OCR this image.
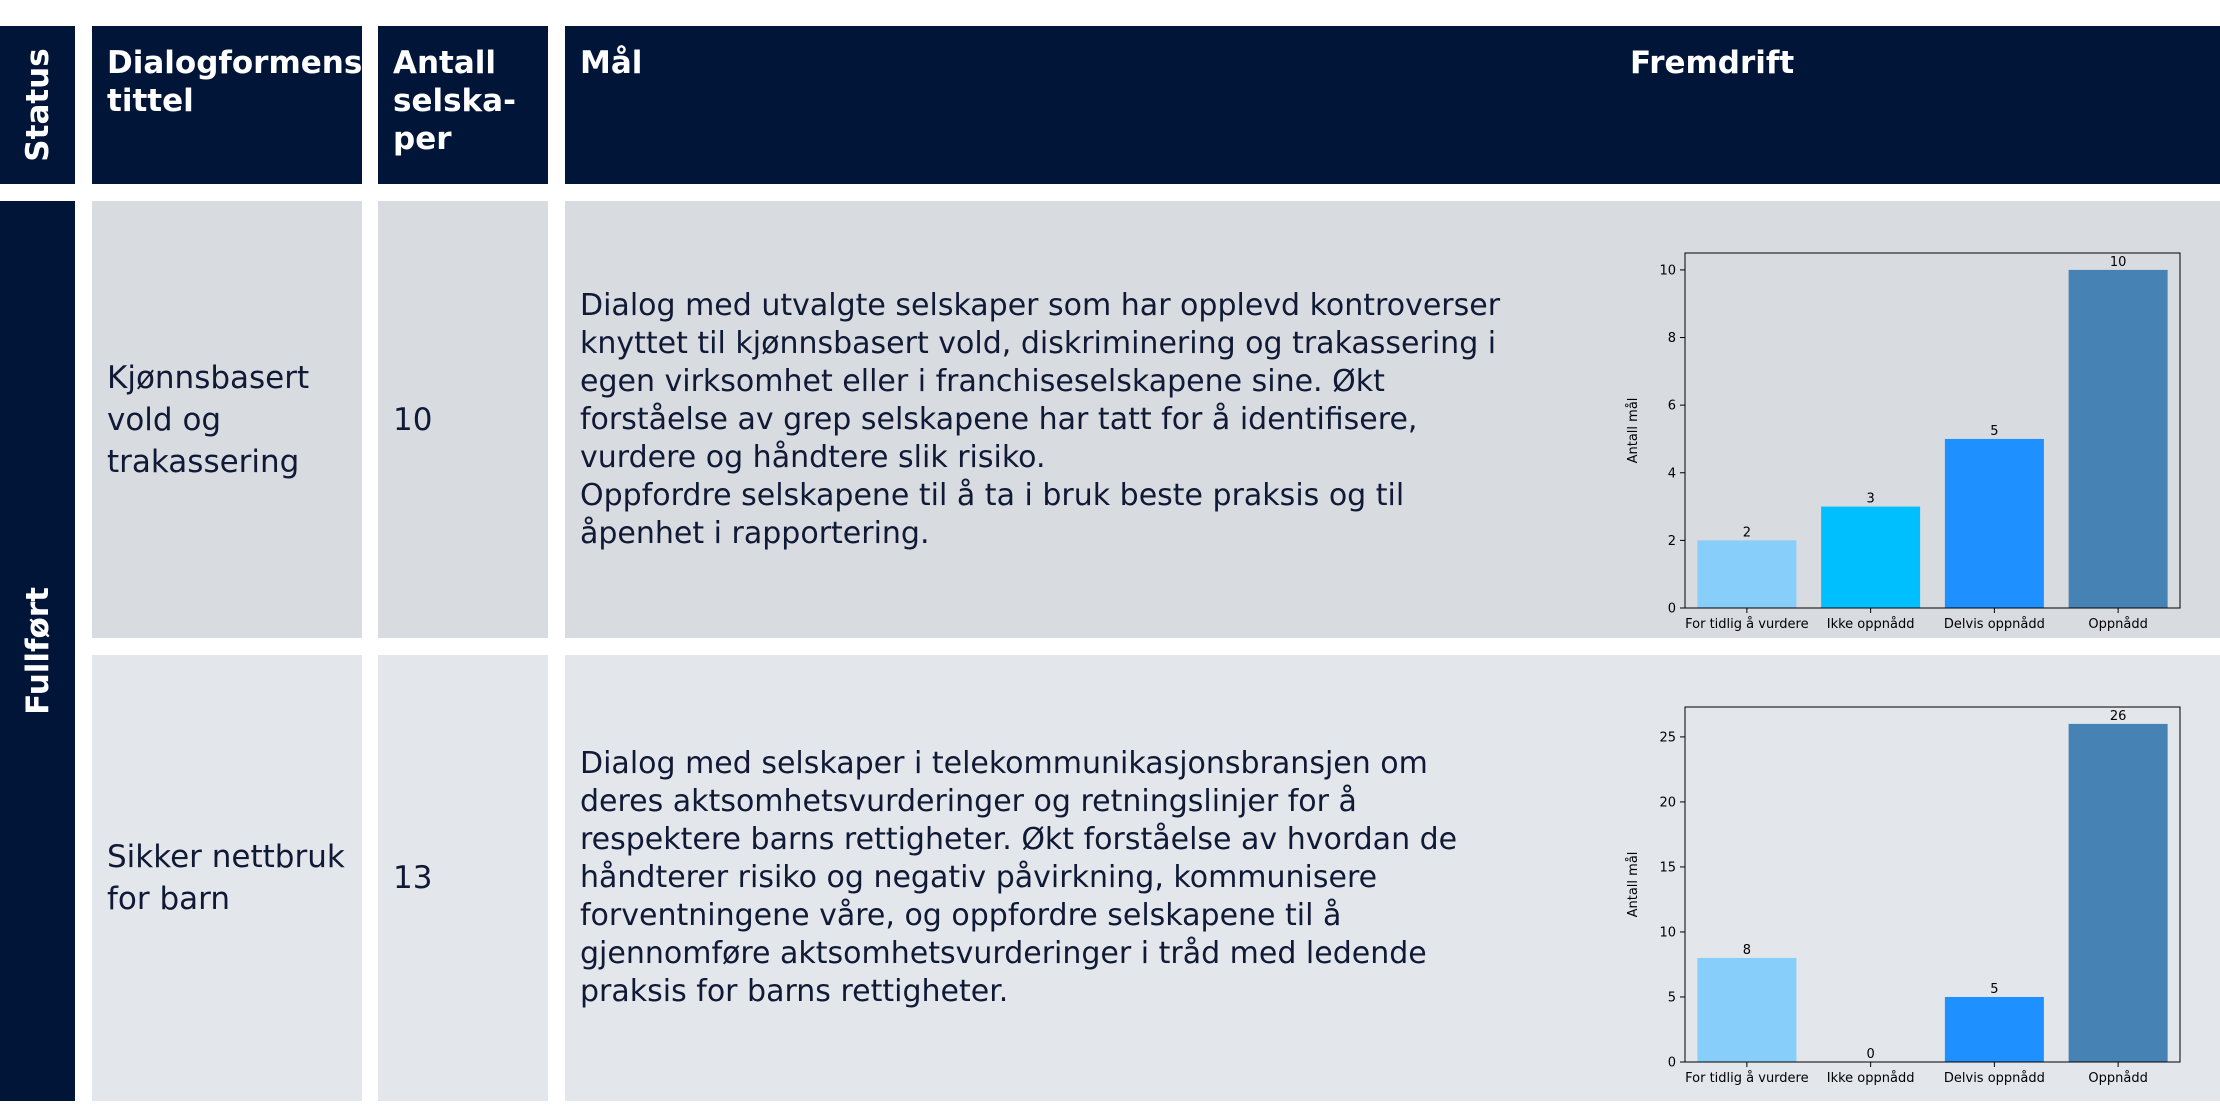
Status Dialogformens tittel
Antall selska-per
Mål	Fremdrift
Fullført
Kjønnsbasert vold og trakassering
10

Dialog med utvalgte selskaper som har opplevd kontroverser knyttet til kjønnsbasert vold, diskriminering og trakassering i egen virksomhet eller i franchiseselskapene sine. Økt forståelse av grep selskapene har tatt for å identifisere, vurdere og håndtere slik risiko.

Oppfordre selskapene til å ta i bruk beste praksis og til åpenhet i rapportering.	2
For tidlig å vurdere
3
Ikke oppnådd
5
Delvis oppnådd
10
Oppnådd
0
2
4
6
8
10
Antall mål
Sikker nettbruk for barn
13

Dialog med selskaper i telekommunikasjonsbransjen om deres aktsomhetsvurderinger og retningslinjer for å respektere barns rettigheter. Økt forståelse av hvordan de håndterer risiko og negativ påvirkning, kommunisere forventningene våre, og oppfordre selskapene til å gjennomføre aktsomhetsvurderinger i tråd med ledende praksis for barns rettigheter.

8
For tidlig å vurdere
0
Ikke oppnådd
5
Delvis oppnådd
26
Oppnådd
0
5
10
15
20
25
Antall mål
